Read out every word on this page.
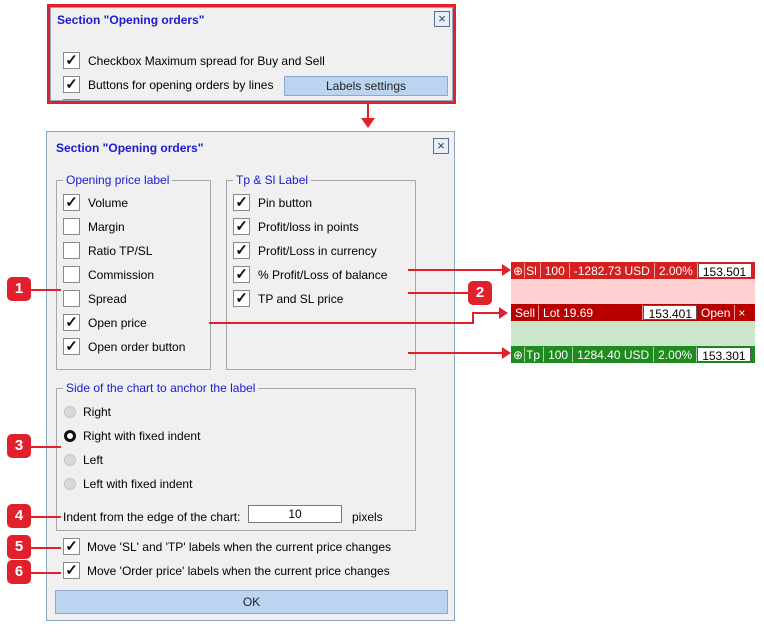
Section "Opening orders"	×
✓ Checkbox Maximum spread for Buy and Sell
✓ Buttons for opening orders by lines	Labels settings
Section "Opening orders"	×
Opening price label	Tp & Sl Label
Side of the chart to anchor the label
✓ Volume
Margin
Ratio TP/SL
Commission
Spread
✓ Open price
✓ Open order button
✓ Pin button
✓ Profit/loss in points
✓ Profit/Loss in currency
✓ % Profit/Loss of balance
✓ TP and SL price
Right
Right with fixed indent
Left
Left with fixed indent
Indent from the edge of the chart:
10	pixels
✓ Move 'SL' and 'TP' labels when the current price changes
✓ Move 'Order price' labels when the current price changes
OK
1
3
4
5
6
2
⊕ Sl 100 -1282.73 USD 2.00% 153.501
Sell Lot 19.69	153.401 Open ×
⊕ Tp 100 1284.40 USD 2.00% 153.301
